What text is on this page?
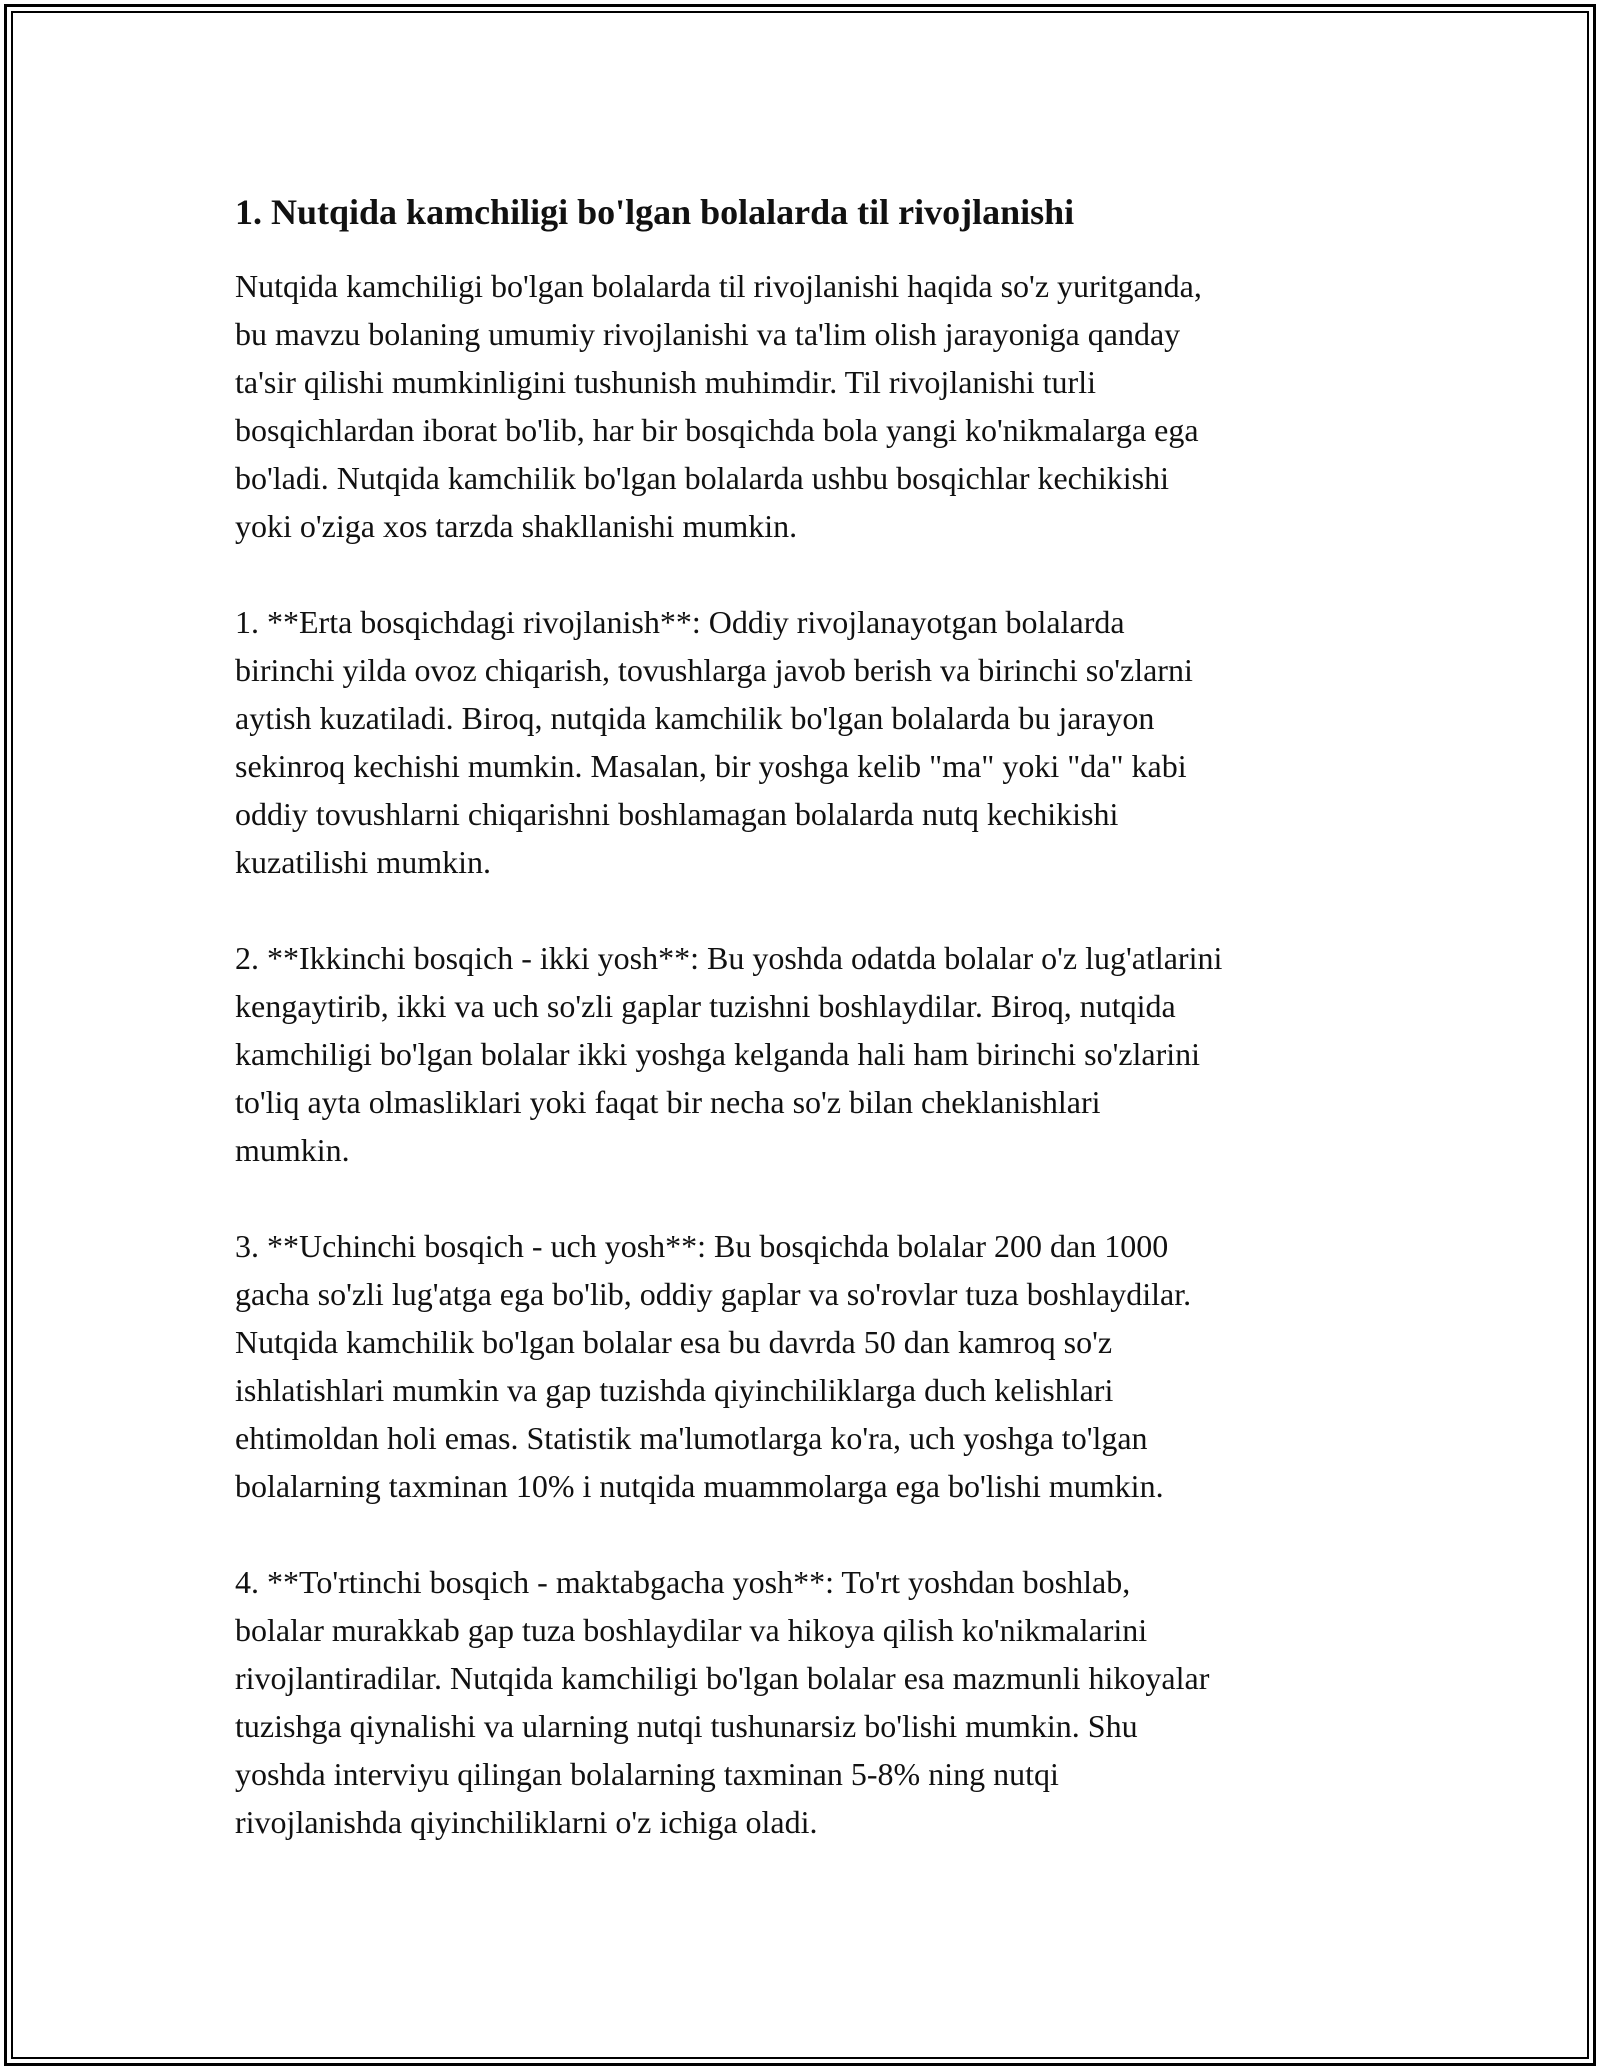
1. Nutqida kamchiligi bo'lgan bolalarda til rivojlanishi

Nutqida kamchiligi bo'lgan bolalarda til rivojlanishi haqida so'z yuritganda,
bu mavzu bolaning umumiy rivojlanishi va ta'lim olish jarayoniga qanday
ta'sir qilishi mumkinligini tushunish muhimdir. Til rivojlanishi turli
bosqichlardan iborat bo'lib, har bir bosqichda bola yangi ko'nikmalarga ega
bo'ladi. Nutqida kamchilik bo'lgan bolalarda ushbu bosqichlar kechikishi
yoki o'ziga xos tarzda shakllanishi mumkin.

1. **Erta bosqichdagi rivojlanish**: Oddiy rivojlanayotgan bolalarda
birinchi yilda ovoz chiqarish, tovushlarga javob berish va birinchi so'zlarni
aytish kuzatiladi. Biroq, nutqida kamchilik bo'lgan bolalarda bu jarayon
sekinroq kechishi mumkin. Masalan, bir yoshga kelib "ma" yoki "da" kabi
oddiy tovushlarni chiqarishni boshlamagan bolalarda nutq kechikishi
kuzatilishi mumkin.

2. **Ikkinchi bosqich - ikki yosh**: Bu yoshda odatda bolalar o'z lug'atlarini
kengaytirib, ikki va uch so'zli gaplar tuzishni boshlaydilar. Biroq, nutqida
kamchiligi bo'lgan bolalar ikki yoshga kelganda hali ham birinchi so'zlarini
to'liq ayta olmasliklari yoki faqat bir necha so'z bilan cheklanishlari
mumkin.

3. **Uchinchi bosqich - uch yosh**: Bu bosqichda bolalar 200 dan 1000
gacha so'zli lug'atga ega bo'lib, oddiy gaplar va so'rovlar tuza boshlaydilar.
Nutqida kamchilik bo'lgan bolalar esa bu davrda 50 dan kamroq so'z
ishlatishlari mumkin va gap tuzishda qiyinchiliklarga duch kelishlari
ehtimoldan holi emas. Statistik ma'lumotlarga ko'ra, uch yoshga to'lgan
bolalarning taxminan 10% i nutqida muammolarga ega bo'lishi mumkin.

4. **To'rtinchi bosqich - maktabgacha yosh**: To'rt yoshdan boshlab,
bolalar murakkab gap tuza boshlaydilar va hikoya qilish ko'nikmalarini
rivojlantiradilar. Nutqida kamchiligi bo'lgan bolalar esa mazmunli hikoyalar
tuzishga qiynalishi va ularning nutqi tushunarsiz bo'lishi mumkin. Shu
yoshda interviyu qilingan bolalarning taxminan 5-8% ning nutqi
rivojlanishda qiyinchiliklarni o'z ichiga oladi.
